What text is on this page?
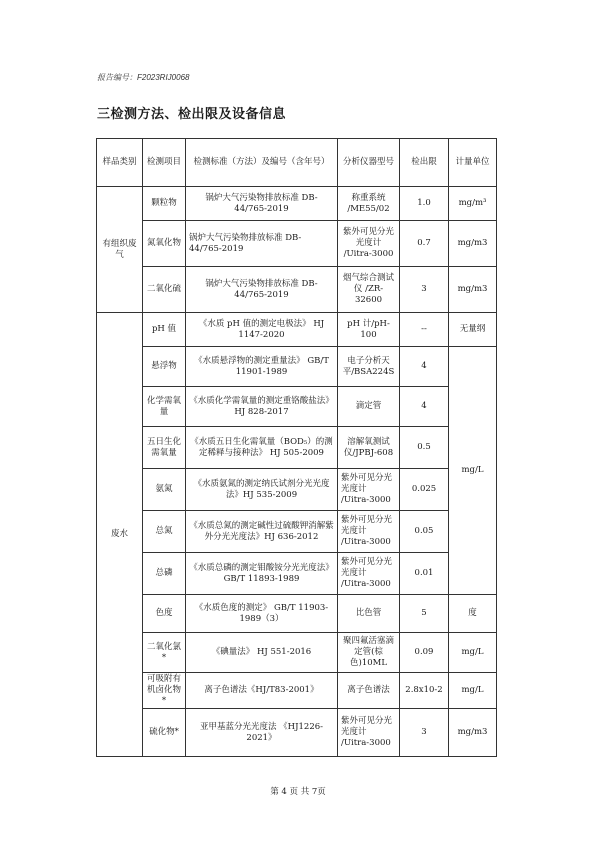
报告编号：F2023RIJ0068
三检测方法、检出限及设备信息
样品类别	检测项目	检测标准（方法）及编号（含年号）	分析仪器型号	检出限	计量单位
有组织废气	颗粒物	锅炉大气污染物排放标准 DB-44/765-2019	称重系统 /ME55/02	1.0	mg/m³
	氮氧化物	锅炉大气污染物排放标准 DB-44/765-2019	紫外可见分光光度计 /Uitra-3000	0.7	mg/m3
	二氧化硫	锅炉大气污染物排放标准 DB-44/765-2019	烟气综合测试仪 /ZR-32600	3	mg/m3
废水	pH 值	《水质 pH 值的测定电极法》 HJ 1147-2020	pH 计/pH-100	--	无量纲
	悬浮物	《水质悬浮物的测定重量法》 GB/T 11901-1989	电子分析天平/BSA224S	4	mg/L
	化学需氧量	《水质化学需氧量的测定重铬酸盐法》HJ 828-2017	滴定管	4	
	五日生化需氧量	《水质五日生化需氧量（BOD₅）的测定稀释与接种法》 HJ 505-2009	溶解氧测试仪/JPBJ-608	0.5	
	氨氮	《水质氨氮的测定纳氏试剂分光光度法》HJ 535-2009	紫外可见分光光度计 /Uitra-3000	0.025	
	总氮	《水质总氮的测定碱性过硫酸钾消解紫外分光光度法》HJ 636-2012	紫外可见分光光度计 /Uitra-3000	0.05	
	总磷	《水质总磷的测定钼酸铵分光光度法》GB/T 11893-1989	紫外可见分光光度计 /Uitra-3000	0.01	
	色度	《水质色度的测定》 GB/T 11903-1989（3）	比色管	5	度
	二氧化氯*	《碘量法》 HJ 551-2016	聚四氟活塞滴定管(棕色)10ML	0.09	mg/L
	可吸附有机卤化物*	离子色谱法《HJ/T83-2001》	离子色谱法	2.8x10-2	mg/L
	硫化物*	亚甲基蓝分光光度法 《HJ1226-2021》	紫外可见分光光度计 /Uitra-3000	3	mg/m3
第 4 页 共 7页
